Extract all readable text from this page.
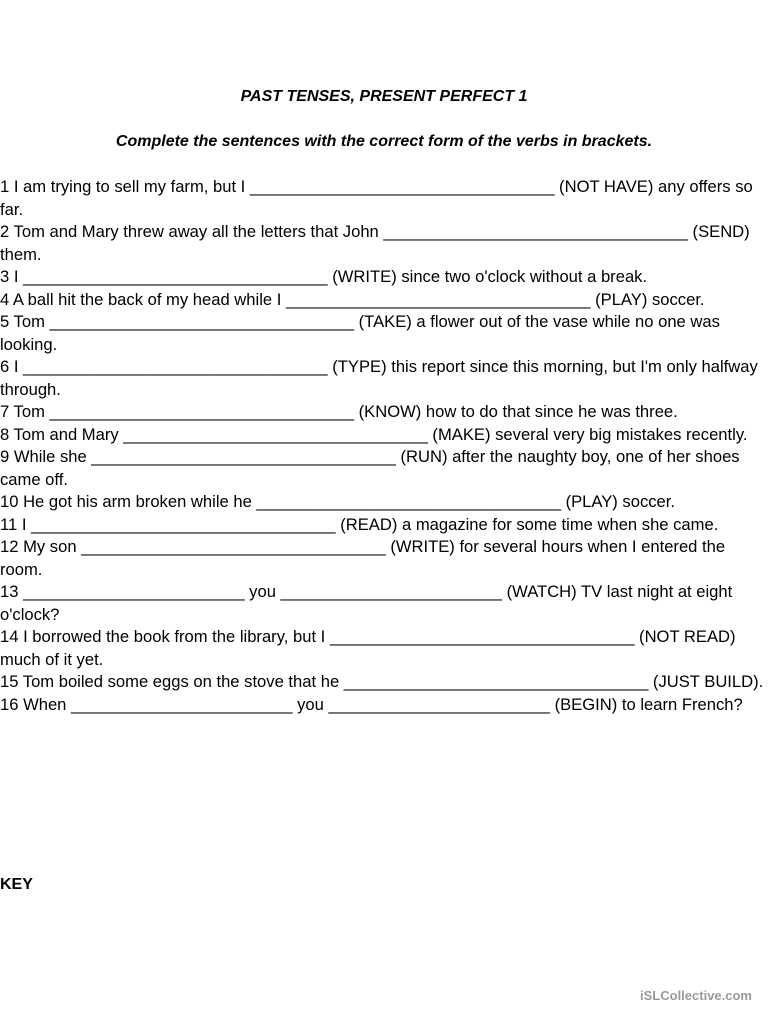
PAST TENSES, PRESENT PERFECT 1

Complete the sentences with the correct form of the verbs in brackets.

1 I am trying to sell my farm, but I _________________________________ (NOT HAVE) any offers so far.

2 Tom and Mary threw away all the letters that John _________________________________ (SEND) them.

3 I _________________________________ (WRITE) since two o'clock without a break.

4 A ball hit the back of my head while I _________________________________ (PLAY) soccer.

5 Tom _________________________________ (TAKE) a flower out of the vase while no one was looking.

6 I _________________________________ (TYPE) this report since this morning, but I'm only halfway through.

7 Tom _________________________________ (KNOW) how to do that since he was three.

8 Tom and Mary _________________________________ (MAKE) several very big mistakes recently.

9 While she _________________________________ (RUN) after the naughty boy, one of her shoes came off.

10 He got his arm broken while he _________________________________ (PLAY) soccer.

11 I _________________________________ (READ) a magazine for some time when she came.

12 My son _________________________________ (WRITE) for several hours when I entered the room.

13 ________________________ you ________________________ (WATCH) TV last night at eight o'clock?

14 I borrowed the book from the library, but I _________________________________ (NOT READ) much of it yet.

15 Tom boiled some eggs on the stove that he _________________________________ (JUST BUILD).

16 When ________________________ you ________________________ (BEGIN) to learn French?

KEY

iSLCollective.com
